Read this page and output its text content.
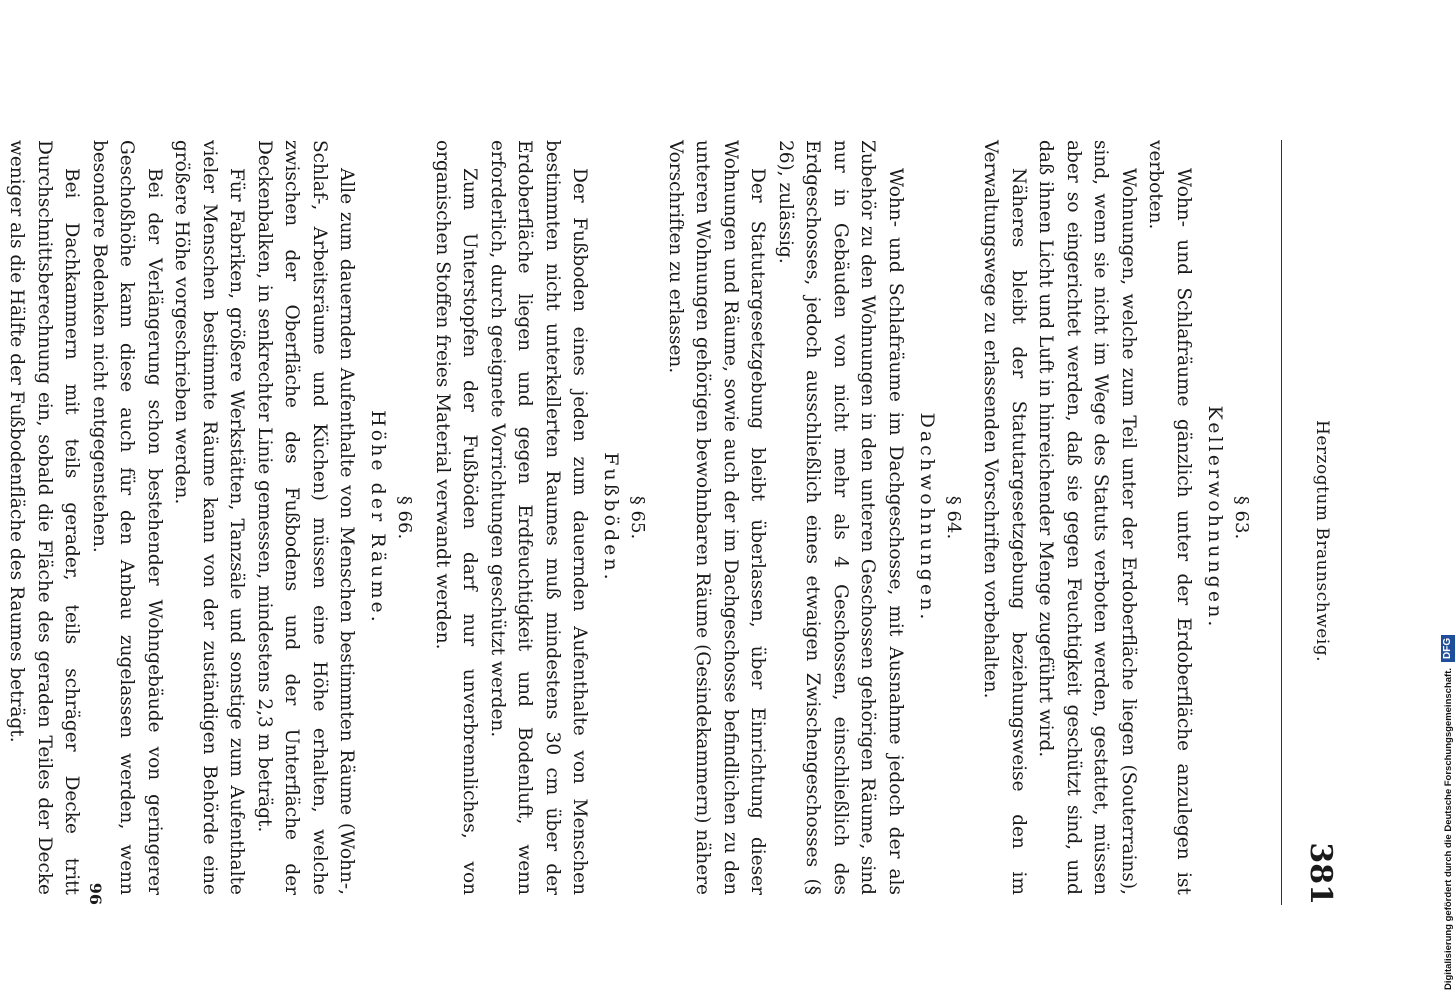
Herzogtum Braunschweig.
381

§ 63.

Kellerwohnungen.

Wohn- und Schlafräume gänzlich unter der Erdoberfläche anzulegen ist verboten.

Wohnungen, welche zum Teil unter der Erdoberfläche liegen (Souterrains), sind, wenn sie nicht im Wege des Statuts verboten werden, gestattet, müssen aber so eingerichtet werden, daß sie gegen Feuchtigkeit geschützt sind, und daß ihnen Licht und Luft in hinreichender Menge zugeführt wird.

Näheres bleibt der Statutargesetzgebung beziehungsweise den im Verwaltungswege zu erlassenden Vorschriften vorbehalten.

§ 64.

Dachwohnungen.

Wohn- und Schlafräume im Dachgeschosse, mit Ausnahme jedoch der als Zubehör zu den Wohnungen in den unteren Geschossen gehörigen Räume, sind nur in Gebäuden von nicht mehr als 4 Geschossen, einschließlich des Erdgeschosses, jedoch ausschließlich eines etwaigen Zwischengeschosses (§ 26), zulässig.

Der Statutargesetzgebung bleibt überlassen, über Einrichtung dieser Wohnungen und Räume, sowie auch der im Dachgeschosse befindlichen zu den unteren Wohnungen gehörigen bewohnbaren Räume (Gesindekammern) nähere Vorschriften zu erlassen.

§ 65.

Fußböden.

Der Fußboden eines jeden zum dauernden Aufenthalte von Menschen bestimmten nicht unterkellerten Raumes muß mindestens 30 cm über der Erdoberfläche liegen und gegen Erdfeuchtigkeit und Bodenluft, wenn erforderlich, durch geeignete Vorrichtungen geschützt werden.

Zum Unterstopfen der Fußböden darf nur unverbrennliches, von organischen Stoffen freies Material verwandt werden.

§ 66.

Höhe der Räume.

Alle zum dauernden Aufenthalte von Menschen bestimmten Räume (Wohn-, Schlaf-, Arbeitsräume und Küchen) müssen eine Höhe erhalten, welche zwischen der Oberfläche des Fußbodens und der Unterfläche der Deckenbalken, in senkrechter Linie gemessen, mindestens 2,3 m beträgt.

Für Fabriken, größere Werkstätten, Tanzsäle und sonstige zum Aufenthalte vieler Menschen bestimmte Räume kann von der zuständigen Behörde eine größere Höhe vorgeschrieben werden.

Bei der Verlängerung schon bestehender Wohngebäude von geringerer Geschoßhöhe kann diese auch für den Anbau zugelassen werden, wenn besondere Bedenken nicht entgegenstehen.

Bei Dachkammern mit teils gerader, teils schräger Decke tritt Durchschnittsberechnung ein, sobald die Fläche des geraden Teiles der Decke weniger als die Hälfte der Fußbodenfläche des Raumes beträgt.

96	Digitalisierung gefördert durch die Deutsche Forschungsgemeinschaft.
DFG
